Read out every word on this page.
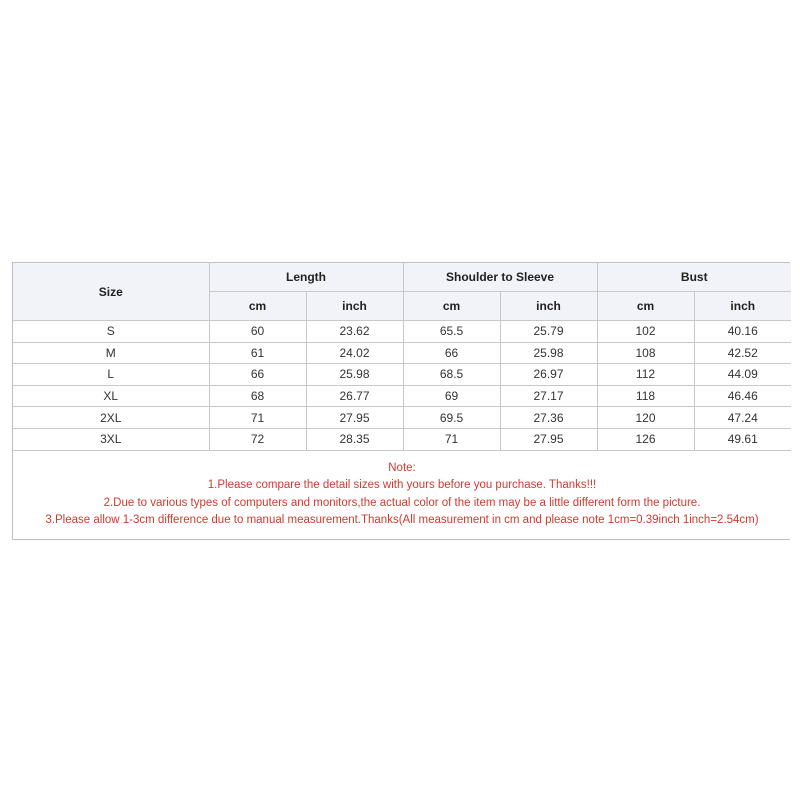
Size	Length		Shoulder to Sleeve		Bust	
	cm	inch	cm	inch	cm	inch
S	60	23.62	65.5	25.79	102	40.16
M	61	24.02	66	25.98	108	42.52
L	66	25.98	68.5	26.97	112	44.09
XL	68	26.77	69	27.17	118	46.46
2XL	71	27.95	69.5	27.36	120	47.24
3XL	72	28.35	71	27.95	126	49.61

Note:
1.Please compare the detail sizes with yours before you purchase. Thanks!!!
2.Due to various types of computers and monitors,the actual color of the item may be a little different form the picture.
3.Please allow 1-3cm difference due to manual measurement.Thanks(All measurement in cm and please note 1cm=0.39inch 1inch=2.54cm)						
